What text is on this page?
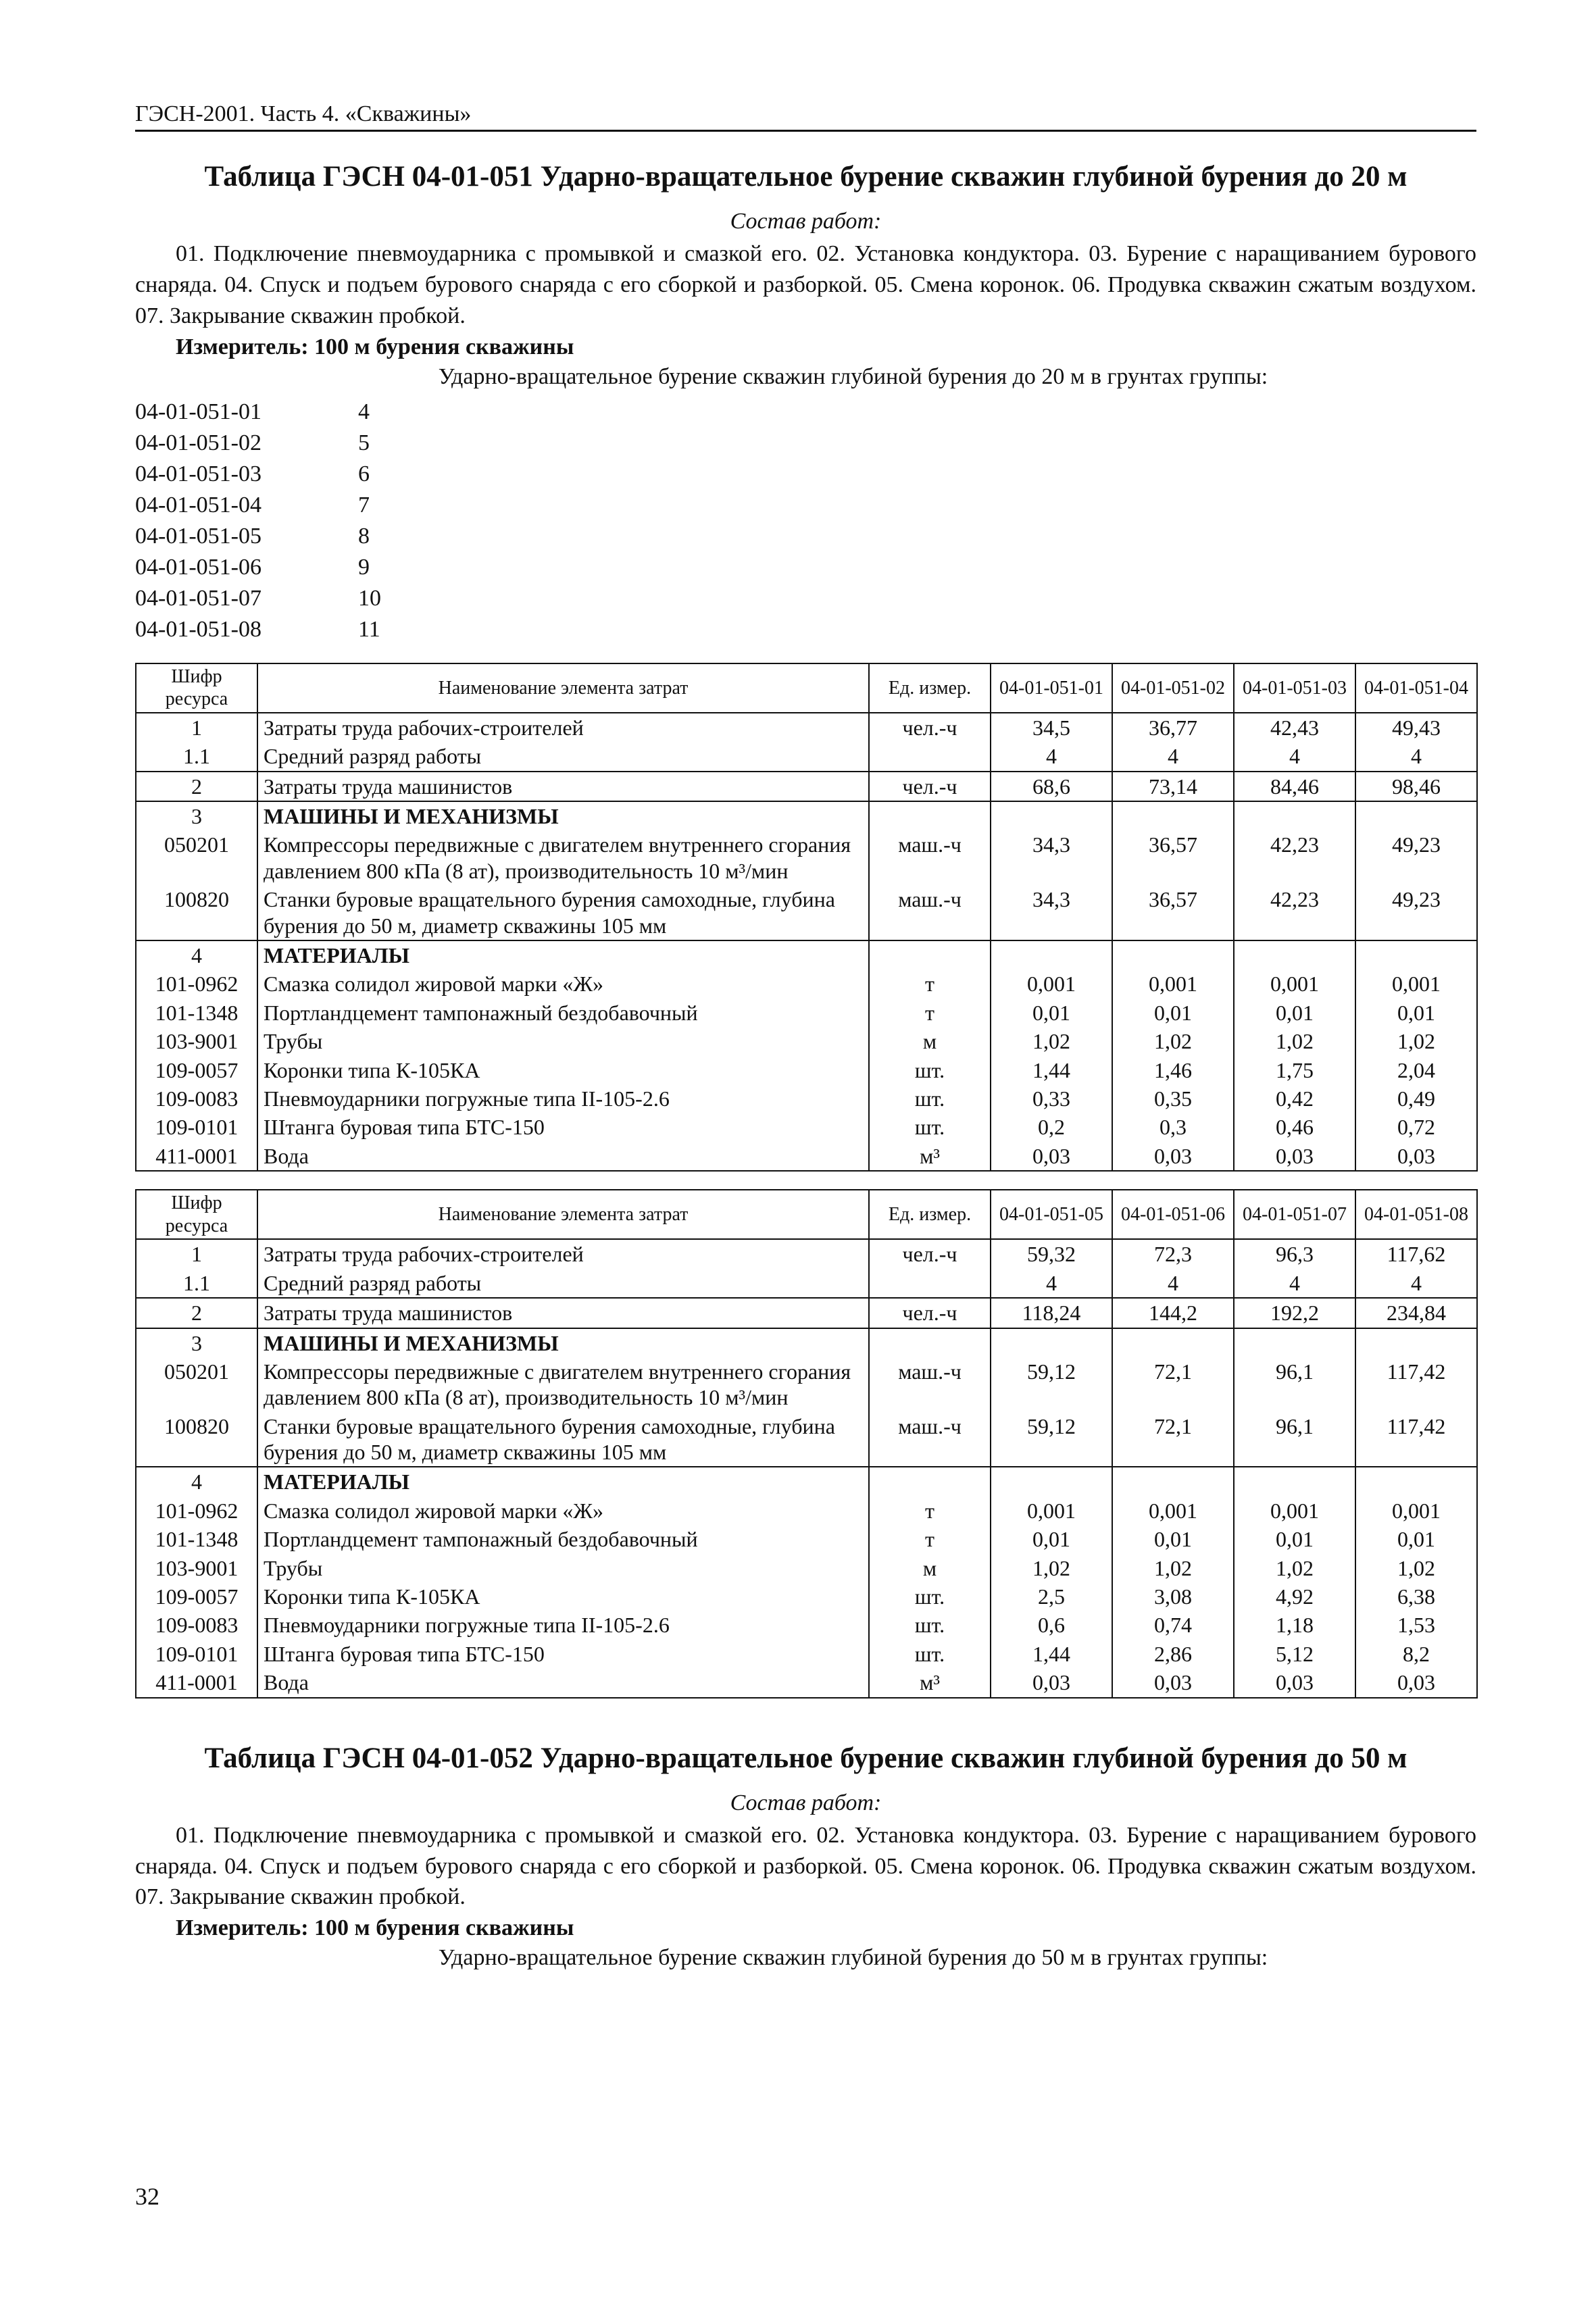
ГЭСН-2001. Часть 4. «Скважины»
Таблица ГЭСН 04-01-051 Ударно-вращательное бурение скважин глубиной бурения до 20 м
Состав работ:
01. Подключение пневмоударника с промывкой и смазкой его. 02. Установка кондуктора. 03. Бурение с наращиванием бурового снаряда. 04. Спуск и подъем бурового снаряда с его сборкой и разборкой. 05. Смена коронок. 06. Продувка скважин сжатым воздухом. 07. Закрывание скважин пробкой.
Измеритель: 100 м бурения скважины
Ударно-вращательное бурение скважин глубиной бурения до 20 м в грунтах группы:
04-01-051-01	4
04-01-051-02	5
04-01-051-03	6
04-01-051-04	7
04-01-051-05	8
04-01-051-06	9
04-01-051-07	10
04-01-051-08	11
Шифр ресурса	Наименование элемента затрат	Ед. измер.	04-01-051-01	04-01-051-02	04-01-051-03	04-01-051-04
1	Затраты труда рабочих-строителей	чел.-ч	34,5	36,77	42,43	49,43
1.1	Средний разряд работы		4	4	4	4
2	Затраты труда машинистов	чел.-ч	68,6	73,14	84,46	98,46
3	МАШИНЫ И МЕХАНИЗМЫ					
050201	Компрессоры передвижные с двигателем внутреннего сгорания давлением 800 кПа (8 ат), производительность 10 м³/мин	маш.-ч	34,3	36,57	42,23	49,23
100820	Станки буровые вращательного бурения самоходные, глубина бурения до 50 м, диаметр скважины 105 мм	маш.-ч	34,3	36,57	42,23	49,23
4	МАТЕРИАЛЫ					
101-0962	Смазка солидол жировой марки «Ж»	т	0,001	0,001	0,001	0,001
101-1348	Портландцемент тампонажный бездобавочный	т	0,01	0,01	0,01	0,01
103-9001	Трубы	м	1,02	1,02	1,02	1,02
109-0057	Коронки типа К-105КА	шт.	1,44	1,46	1,75	2,04
109-0083	Пневмоударники погружные типа II-105-2.6	шт.	0,33	0,35	0,42	0,49
109-0101	Штанга буровая типа БТС-150	шт.	0,2	0,3	0,46	0,72
411-0001	Вода	м³	0,03	0,03	0,03	0,03
Шифр ресурса	Наименование элемента затрат	Ед. измер.	04-01-051-05	04-01-051-06	04-01-051-07	04-01-051-08
1	Затраты труда рабочих-строителей	чел.-ч	59,32	72,3	96,3	117,62
1.1	Средний разряд работы		4	4	4	4
2	Затраты труда машинистов	чел.-ч	118,24	144,2	192,2	234,84
3	МАШИНЫ И МЕХАНИЗМЫ					
050201	Компрессоры передвижные с двигателем внутреннего сгорания давлением 800 кПа (8 ат), производительность 10 м³/мин	маш.-ч	59,12	72,1	96,1	117,42
100820	Станки буровые вращательного бурения самоходные, глубина бурения до 50 м, диаметр скважины 105 мм	маш.-ч	59,12	72,1	96,1	117,42
4	МАТЕРИАЛЫ					
101-0962	Смазка солидол жировой марки «Ж»	т	0,001	0,001	0,001	0,001
101-1348	Портландцемент тампонажный бездобавочный	т	0,01	0,01	0,01	0,01
103-9001	Трубы	м	1,02	1,02	1,02	1,02
109-0057	Коронки типа К-105КА	шт.	2,5	3,08	4,92	6,38
109-0083	Пневмоударники погружные типа II-105-2.6	шт.	0,6	0,74	1,18	1,53
109-0101	Штанга буровая типа БТС-150	шт.	1,44	2,86	5,12	8,2
411-0001	Вода	м³	0,03	0,03	0,03	0,03
Таблица ГЭСН 04-01-052 Ударно-вращательное бурение скважин глубиной бурения до 50 м
Состав работ:
01. Подключение пневмоударника с промывкой и смазкой его. 02. Установка кондуктора. 03. Бурение с наращиванием бурового снаряда. 04. Спуск и подъем бурового снаряда с его сборкой и разборкой. 05. Смена коронок. 06. Продувка скважин сжатым воздухом. 07. Закрывание скважин пробкой.
Измеритель: 100 м бурения скважины
Ударно-вращательное бурение скважин глубиной бурения до 50 м в грунтах группы:
32
